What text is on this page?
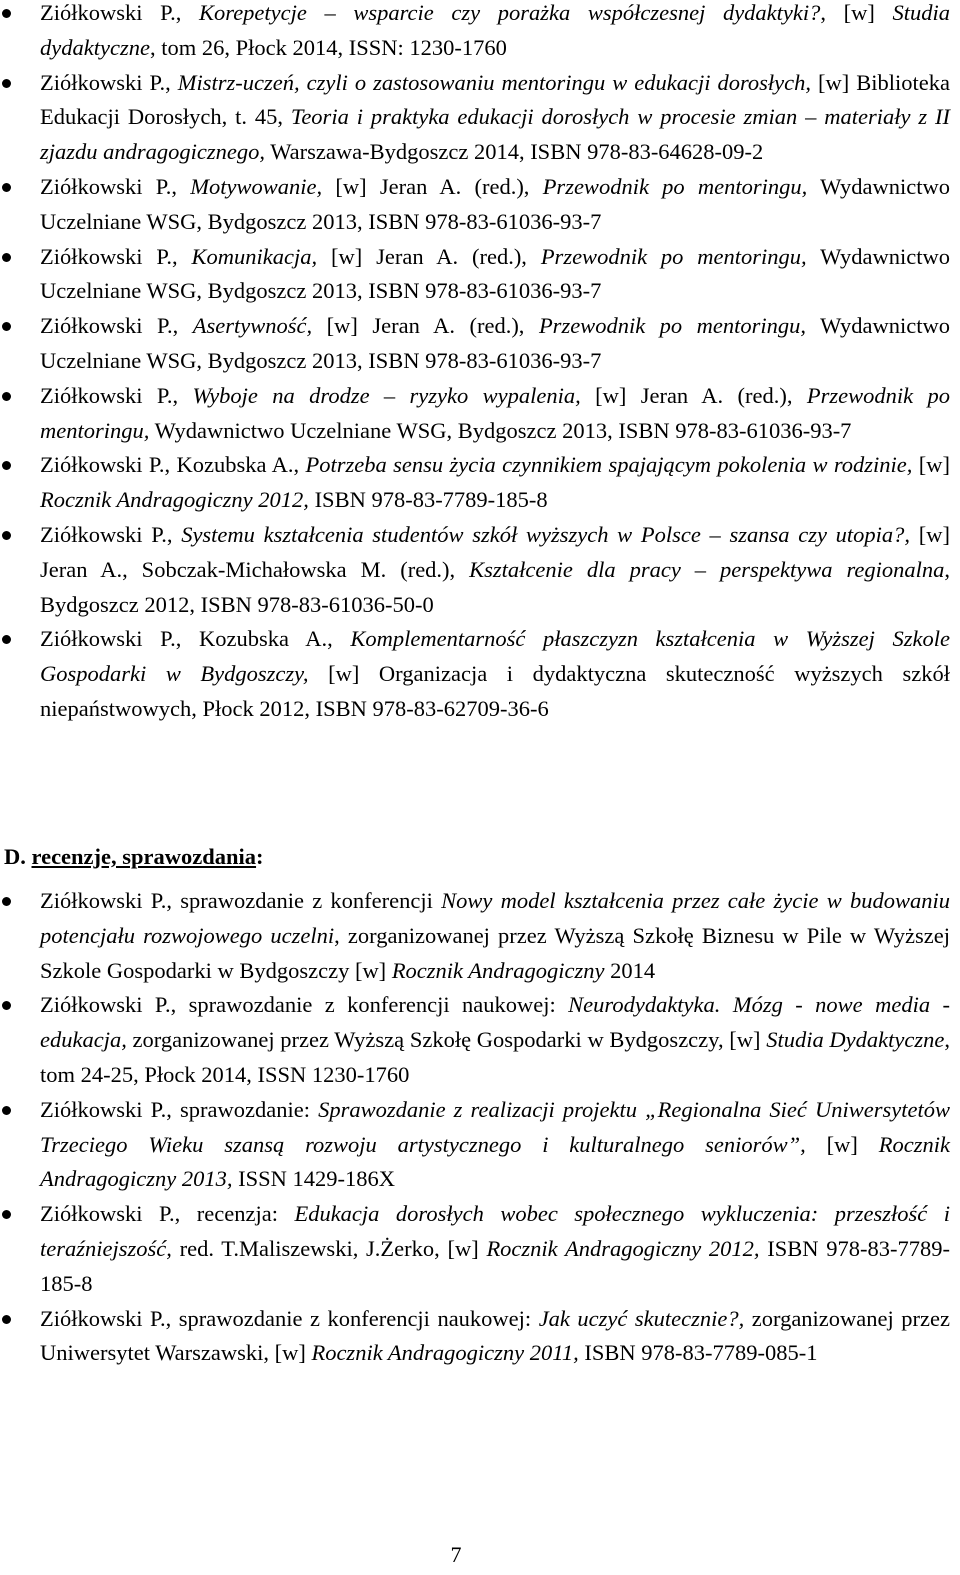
Ziółkowski P., Korepetycje – wsparcie czy porażka współczesnej dydaktyki?, [w] Studia dydaktyczne, tom 26, Płock 2014, ISSN: 1230-1760
Ziółkowski P., Mistrz-uczeń, czyli o zastosowaniu mentoringu w edukacji dorosłych, [w] Biblioteka Edukacji Dorosłych, t. 45, Teoria i praktyka edukacji dorosłych w procesie zmian – materiały z II zjazdu andragogicznego, Warszawa-Bydgoszcz 2014, ISBN 978-83-64628-09-2
Ziółkowski P., Motywowanie, [w] Jeran A. (red.), Przewodnik po mentoringu, Wydawnictwo Uczelniane WSG, Bydgoszcz 2013, ISBN 978-83-61036-93-7
Ziółkowski P., Komunikacja, [w] Jeran A. (red.), Przewodnik po mentoringu, Wydawnictwo Uczelniane WSG, Bydgoszcz 2013, ISBN 978-83-61036-93-7
Ziółkowski P., Asertywność, [w] Jeran A. (red.), Przewodnik po mentoringu, Wydawnictwo Uczelniane WSG, Bydgoszcz 2013, ISBN 978-83-61036-93-7
Ziółkowski P., Wyboje na drodze – ryzyko wypalenia, [w] Jeran A. (red.), Przewodnik po mentoringu, Wydawnictwo Uczelniane WSG, Bydgoszcz 2013, ISBN 978-83-61036-93-7
Ziółkowski P., Kozubska A., Potrzeba sensu życia czynnikiem spajającym pokolenia w rodzinie, [w] Rocznik Andragogiczny 2012, ISBN 978-83-7789-185-8
Ziółkowski P., Systemu kształcenia studentów szkół wyższych w Polsce – szansa czy utopia?, [w] Jeran A., Sobczak-Michałowska M. (red.), Kształcenie dla pracy – perspektywa regionalna, Bydgoszcz 2012, ISBN 978-83-61036-50-0
Ziółkowski P., Kozubska A., Komplementarność płaszczyzn kształcenia w Wyższej Szkole Gospodarki w Bydgoszczy, [w] Organizacja i dydaktyczna skuteczność wyższych szkół niepaństwowych, Płock 2012, ISBN 978-83-62709-36-6
D. recenzje, sprawozdania:
Ziółkowski P., sprawozdanie z konferencji Nowy model kształcenia przez całe życie w budowaniu potencjału rozwojowego uczelni, zorganizowanej przez Wyższą Szkołę Biznesu w Pile w Wyższej Szkole Gospodarki w Bydgoszczy [w] Rocznik Andragogiczny 2014
Ziółkowski P., sprawozdanie z konferencji naukowej: Neurodydaktyka. Mózg - nowe media - edukacja, zorganizowanej przez Wyższą Szkołę Gospodarki w Bydgoszczy, [w] Studia Dydaktyczne, tom 24-25, Płock 2014, ISSN 1230-1760
Ziółkowski P., sprawozdanie: Sprawozdanie z realizacji projektu „Regionalna Sieć Uniwersytetów Trzeciego Wieku szansą rozwoju artystycznego i kulturalnego seniorów”, [w] Rocznik Andragogiczny 2013, ISSN 1429-186X
Ziółkowski P., recenzja: Edukacja dorosłych wobec społecznego wykluczenia: przeszłość i teraźniejszość, red. T.Maliszewski, J.Żerko, [w] Rocznik Andragogiczny 2012, ISBN 978-83-7789-185-8
Ziółkowski P., sprawozdanie z konferencji naukowej: Jak uczyć skutecznie?, zorganizowanej przez Uniwersytet Warszawski, [w] Rocznik Andragogiczny 2011, ISBN 978-83-7789-085-1
7
